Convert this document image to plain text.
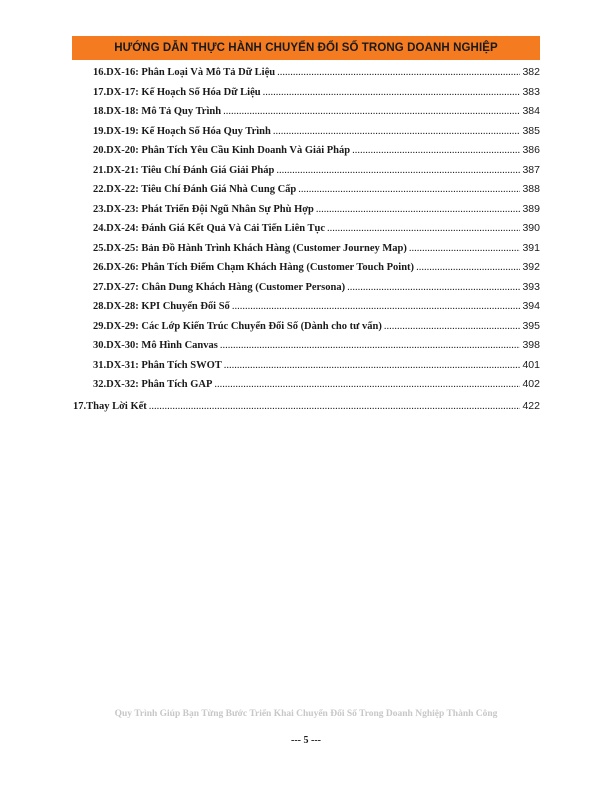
HƯỚNG DẪN THỰC HÀNH CHUYỂN ĐỔI SỐ TRONG DOANH NGHIỆP
16. DX-16: Phân Loại Và Mô Tả Dữ Liệu .....	382
17. DX-17: Kế Hoạch Số Hóa Dữ Liệu .....	383
18. DX-18: Mô Tả Quy Trình .....	384
19. DX-19: Kế Hoạch Số Hóa Quy Trình .....	385
20. DX-20: Phân Tích Yêu Cầu Kinh Doanh Và Giải Pháp .....	386
21. DX-21: Tiêu Chí Đánh Giá Giải Pháp .....	387
22. DX-22: Tiêu Chí Đánh Giá Nhà Cung Cấp .....	388
23. DX-23: Phát Triển Đội Ngũ Nhân Sự Phù Hợp .....	389
24. DX-24: Đánh Giá Kết Quả Và Cải Tiến Liên Tục .....	390
25. DX-25: Bản Đồ Hành Trình Khách Hàng (Customer Journey Map) .....	391
26. DX-26: Phân Tích Điểm Chạm Khách Hàng (Customer Touch Point) .....	392
27. DX-27: Chân Dung Khách Hàng (Customer Persona) .....	393
28. DX-28: KPI Chuyển Đổi Số .....	394
29. DX-29: Các Lớp Kiến Trúc Chuyển Đổi Số (Dành cho tư vấn) .....	395
30. DX-30: Mô Hình Canvas .....	398
31. DX-31: Phân Tích SWOT .....	401
32. DX-32: Phân Tích GAP .....	402
17. Thay Lời Kết .....	422
Quy Trình Giúp Bạn Từng Bước Triển Khai Chuyển Đổi Số Trong Doanh Nghiệp Thành Công
--- 5 ---
